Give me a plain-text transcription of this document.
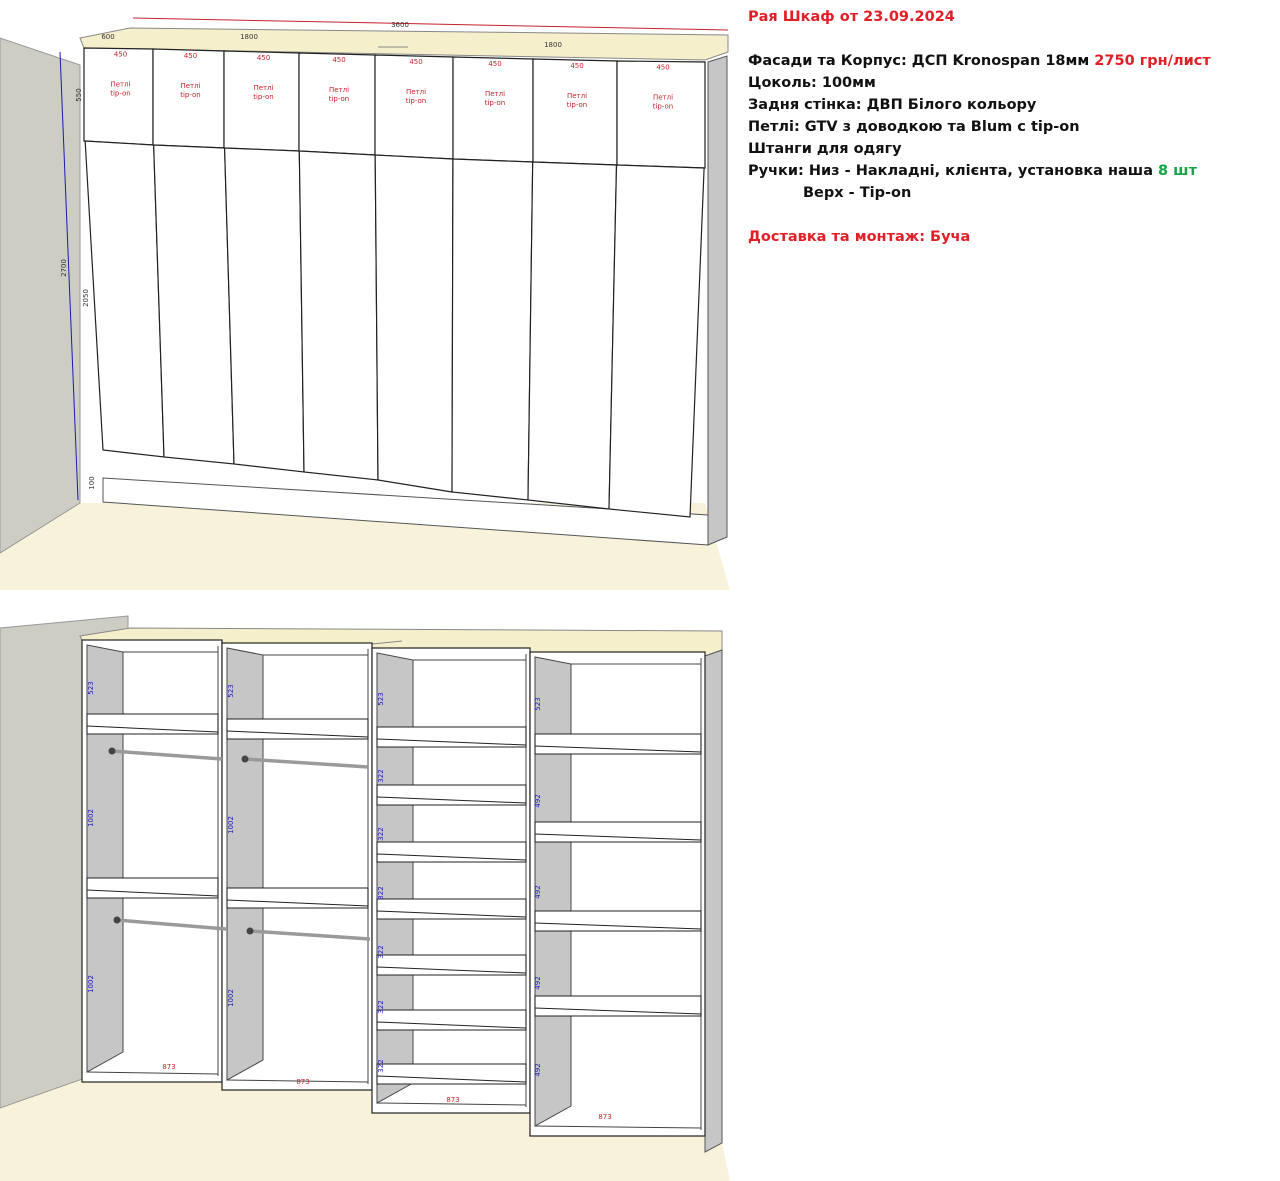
450
Петлі
tip-on
450
Петлі
tip-on
450
Петлі
tip-on
450
Петлі
tip-on
450
Петлі
tip-on
450
Петлі
tip-on
450
Петлі
tip-on
450
Петлі
tip-on
3600
600	1800
1800
2700
550
2050
100
523
1002
1002
523
1002
1002
523
322
322
322
322
322
322
523
492
492
492
492
873
873
873
873
Рая Шкаф от 23.09.2024
Фасади та Корпус: ДСП Kronospan 18мм 2750 грн/лист
Цоколь: 100мм
Задня стінка: ДВП Білого кольору
Петлі: GTV з доводкою та Blum с tip-on
Штанги для одягу
Ручки: Низ - Накладні, клієнта, установка наша 8 шт
Верх - Tip-on
Доставка та монтаж: Буча
